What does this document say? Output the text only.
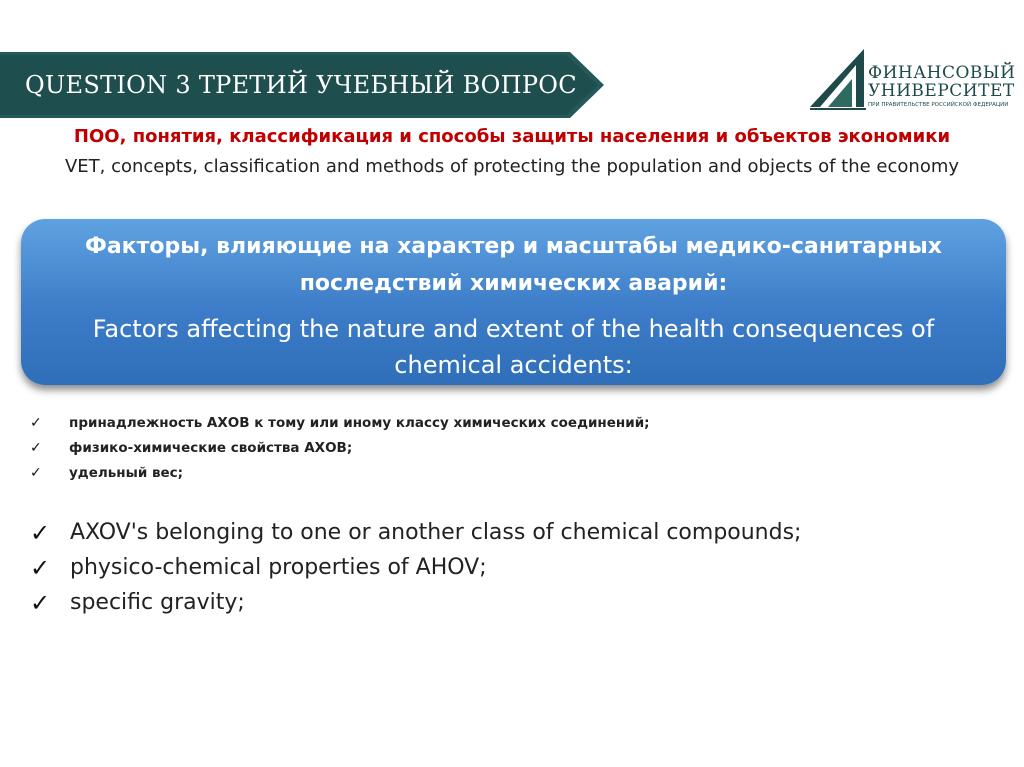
QUESTION 3 ТРЕТИЙ УЧЕБНЫЙ ВОПРОС	ФИНАНСОВЫЙ
УНИВЕРСИТЕТ
ПРИ ПРАВИТЕЛЬСТВЕ РОССИЙСКОЙ ФЕДЕРАЦИИ
ПОО, понятия, классификация и способы защиты населения и объектов экономики
VET, concepts, classification and methods of protecting the population and objects of the economy
Факторы, влияющие на характер и масштабы медико-санитарных последствий химических аварий:
Factors affecting the nature and extent of the health consequences of chemical accidents:
✓	принадлежность АХОВ к тому или иному классу химических соединений;
✓	физико-химические свойства АХОВ;
✓	удельный вес;
✓ AXOV's belonging to one or another class of chemical compounds;
✓ physico-chemical properties of AHOV;
✓ specific gravity;
